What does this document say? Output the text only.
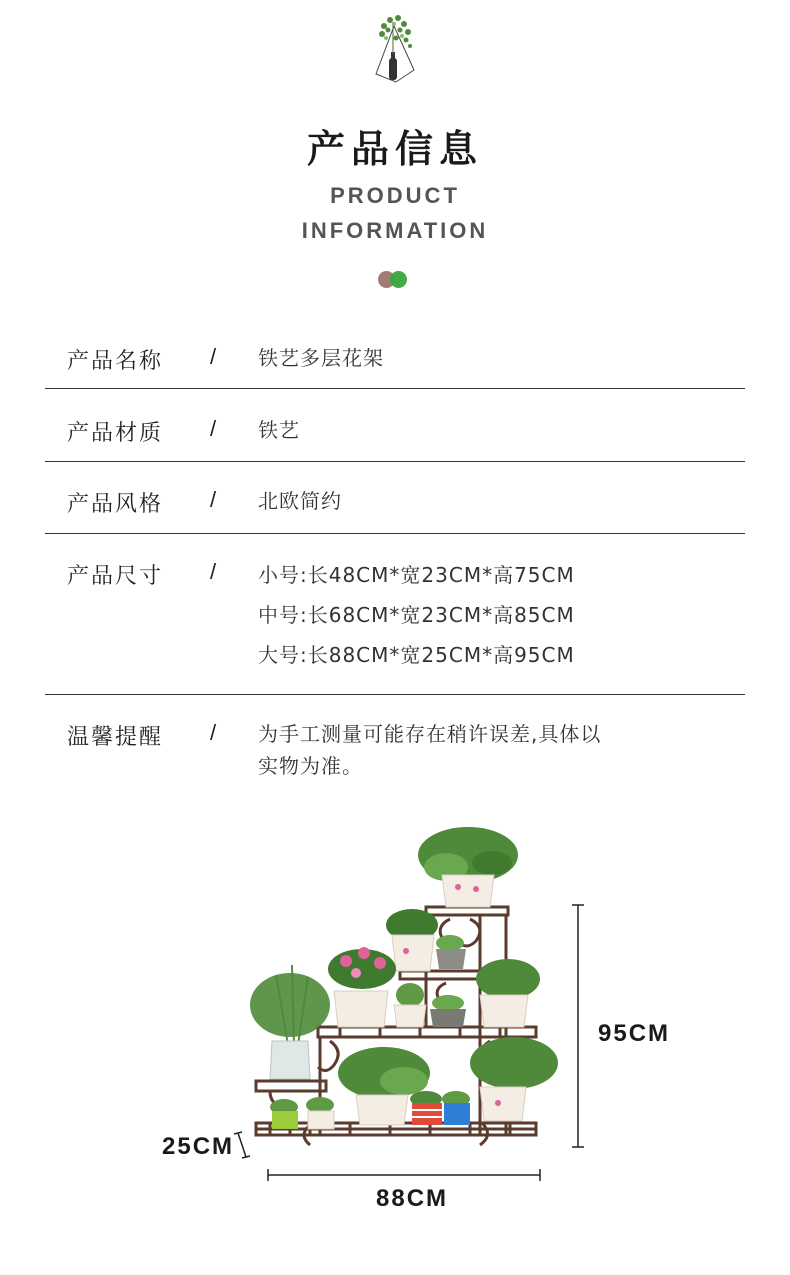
产品信息
PRODUCT
INFORMATION
产品名称 / 铁艺多层花架
产品材质 / 铁艺
产品风格 / 北欧简约
产品尺寸 / 小号:长48CM*宽23CM*高75CM
中号:长68CM*宽23CM*高85CM
大号:长88CM*宽25CM*高95CM
温馨提醒 / 为手工测量可能存在稍许误差,具体以
实物为准。
95CM
88CM
25CM
